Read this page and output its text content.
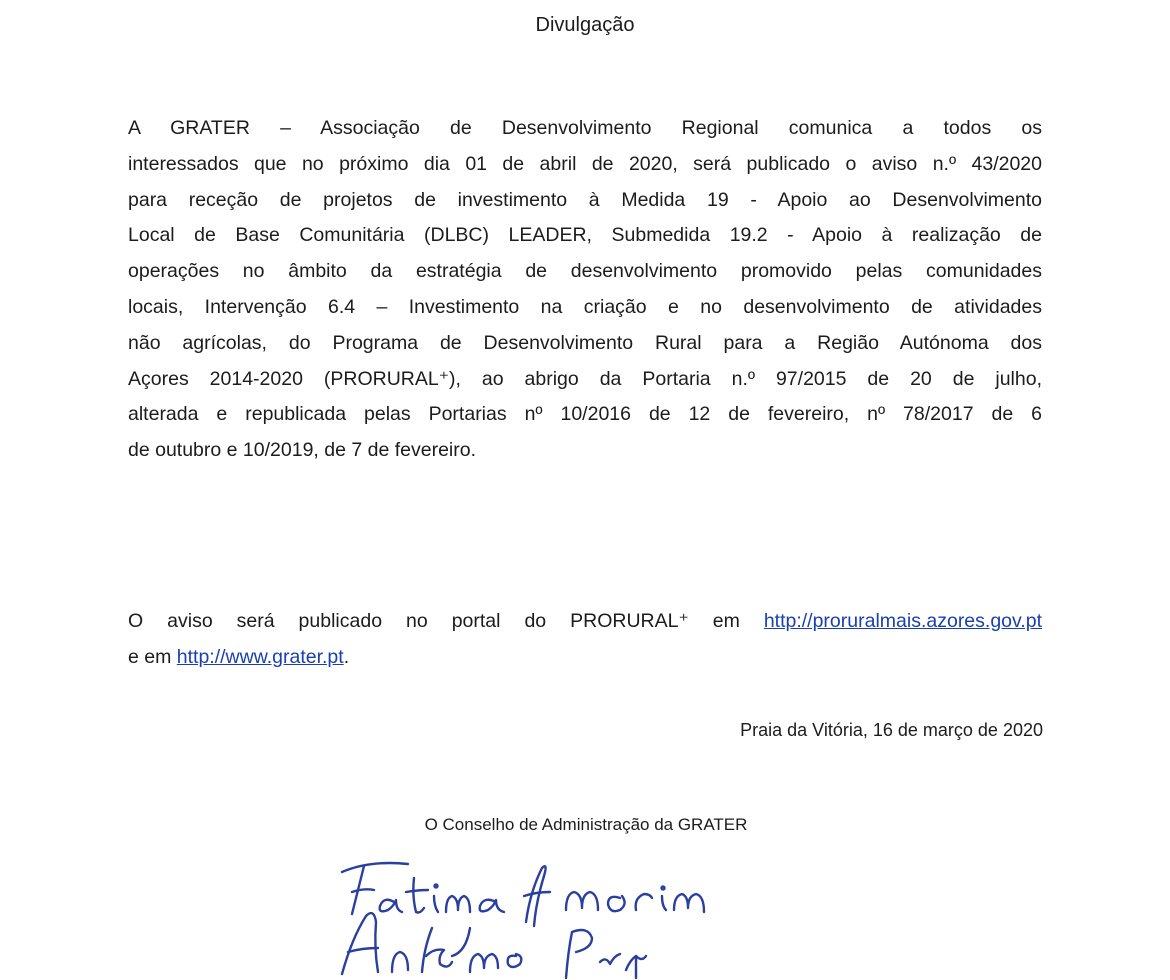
Divulgação
A GRATER – Associação de Desenvolvimento Regional comunica a todos os
interessados que no próximo dia 01 de abril de 2020, será publicado o aviso n.º 43/2020
para receção de projetos de investimento à Medida 19 - Apoio ao Desenvolvimento
Local de Base Comunitária (DLBC) LEADER, Submedida 19.2 - Apoio à realização de
operações no âmbito da estratégia de desenvolvimento promovido pelas comunidades
locais, Intervenção 6.4 – Investimento na criação e no desenvolvimento de atividades
não agrícolas, do Programa de Desenvolvimento Rural para a Região Autónoma dos
Açores 2014-2020 (PRORURAL⁺), ao abrigo da Portaria n.º 97/2015 de 20 de julho,
alterada e republicada pelas Portarias nº 10/2016 de 12 de fevereiro, nº 78/2017 de 6
de outubro e 10/2019, de 7 de fevereiro.
O aviso será publicado no portal do PRORURAL⁺ em http://proruralmais.azores.gov.pt
e em http://www.grater.pt.
Praia da Vitória, 16 de março de 2020
O Conselho de Administração da GRATER
